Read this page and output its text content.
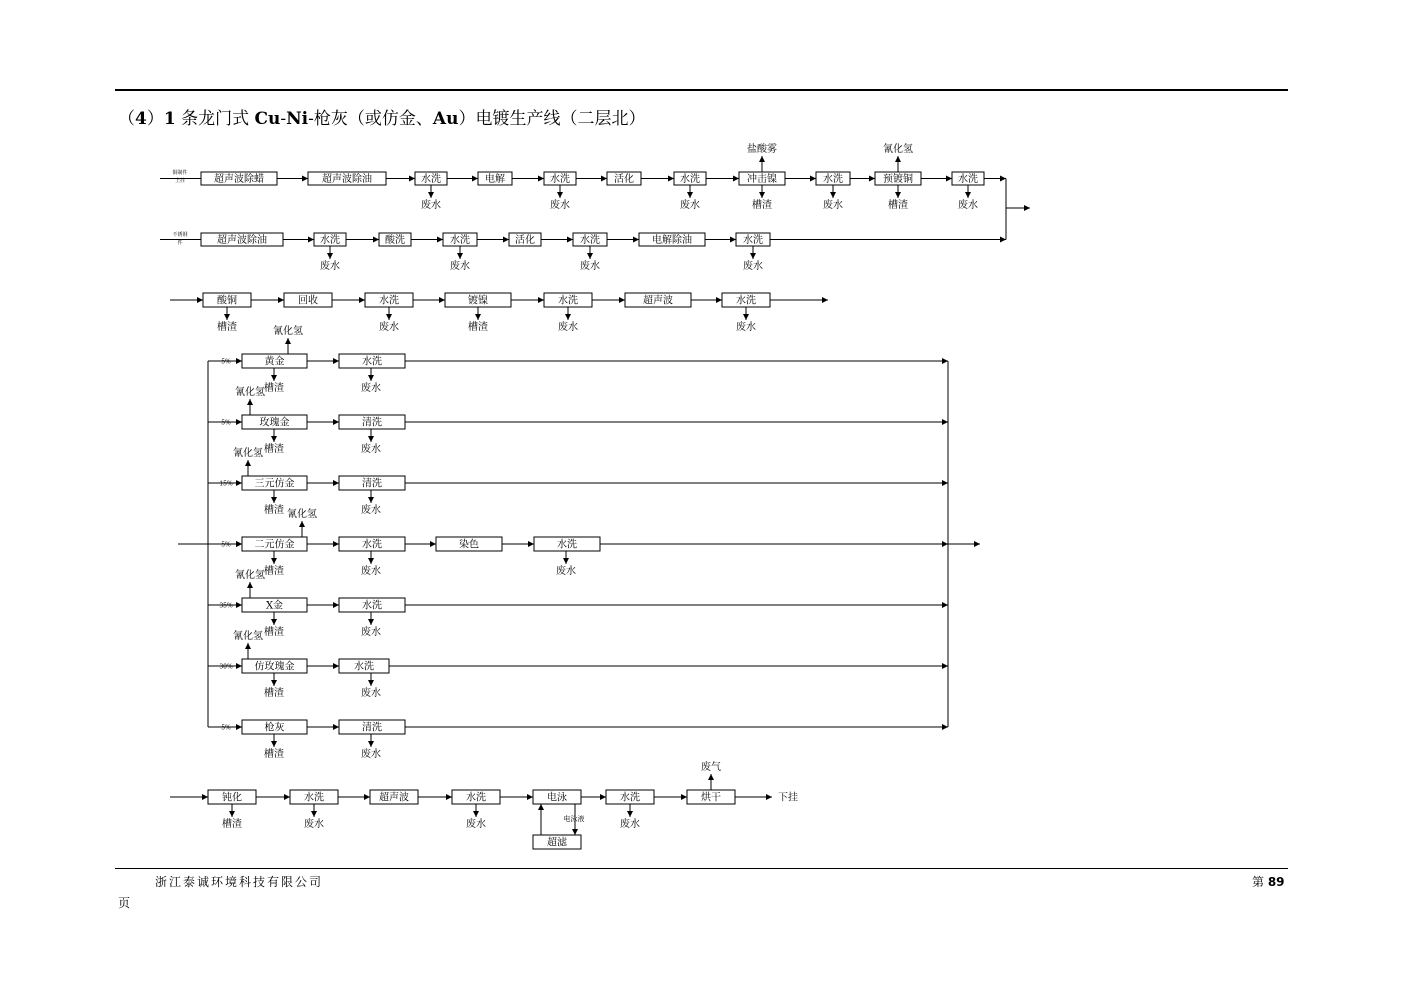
（4）1 条龙门式 Cu-Ni-枪灰（或仿金、Au）电镀生产线（二层北）
铜制件
上挂	超声波除蜡	超声波除油	水洗
废水
电解	水洗
废水
活化	水洗
废水
冲击镍
槽渣
盐酸雾
水洗
废水
预镀铜
槽渣
氰化氢
水洗
废水
不锈钢
件	超声波除油	水洗
废水
酸洗	水洗
废水
活化	水洗
废水
电解除油	水洗
废水
酸铜
槽渣
回收	水洗
废水
镀镍
槽渣
水洗
废水
超声波	水洗
废水
5%	黄金
槽渣
水洗
废水
氰化氢
5%	玫瑰金
槽渣
清洗
废水
氰化氢
15% 三元仿金
槽渣
清洗
废水
氰化氢
5% 二元仿金
槽渣
水洗
废水
染色	水洗
废水
氰化氢
35%	Ⅹ金
槽渣
水洗
废水
氰化氢
30% 仿玫瑰金
槽渣
水洗
废水
氰化氢
5%	枪灰
槽渣
清洗
废水
钝化
槽渣
水洗
废水
超声波	水洗
废水
电泳	水洗
废水
烘干	下挂
废气
超滤
电泳液
浙江泰诚环境科技有限公司	第 89
页
